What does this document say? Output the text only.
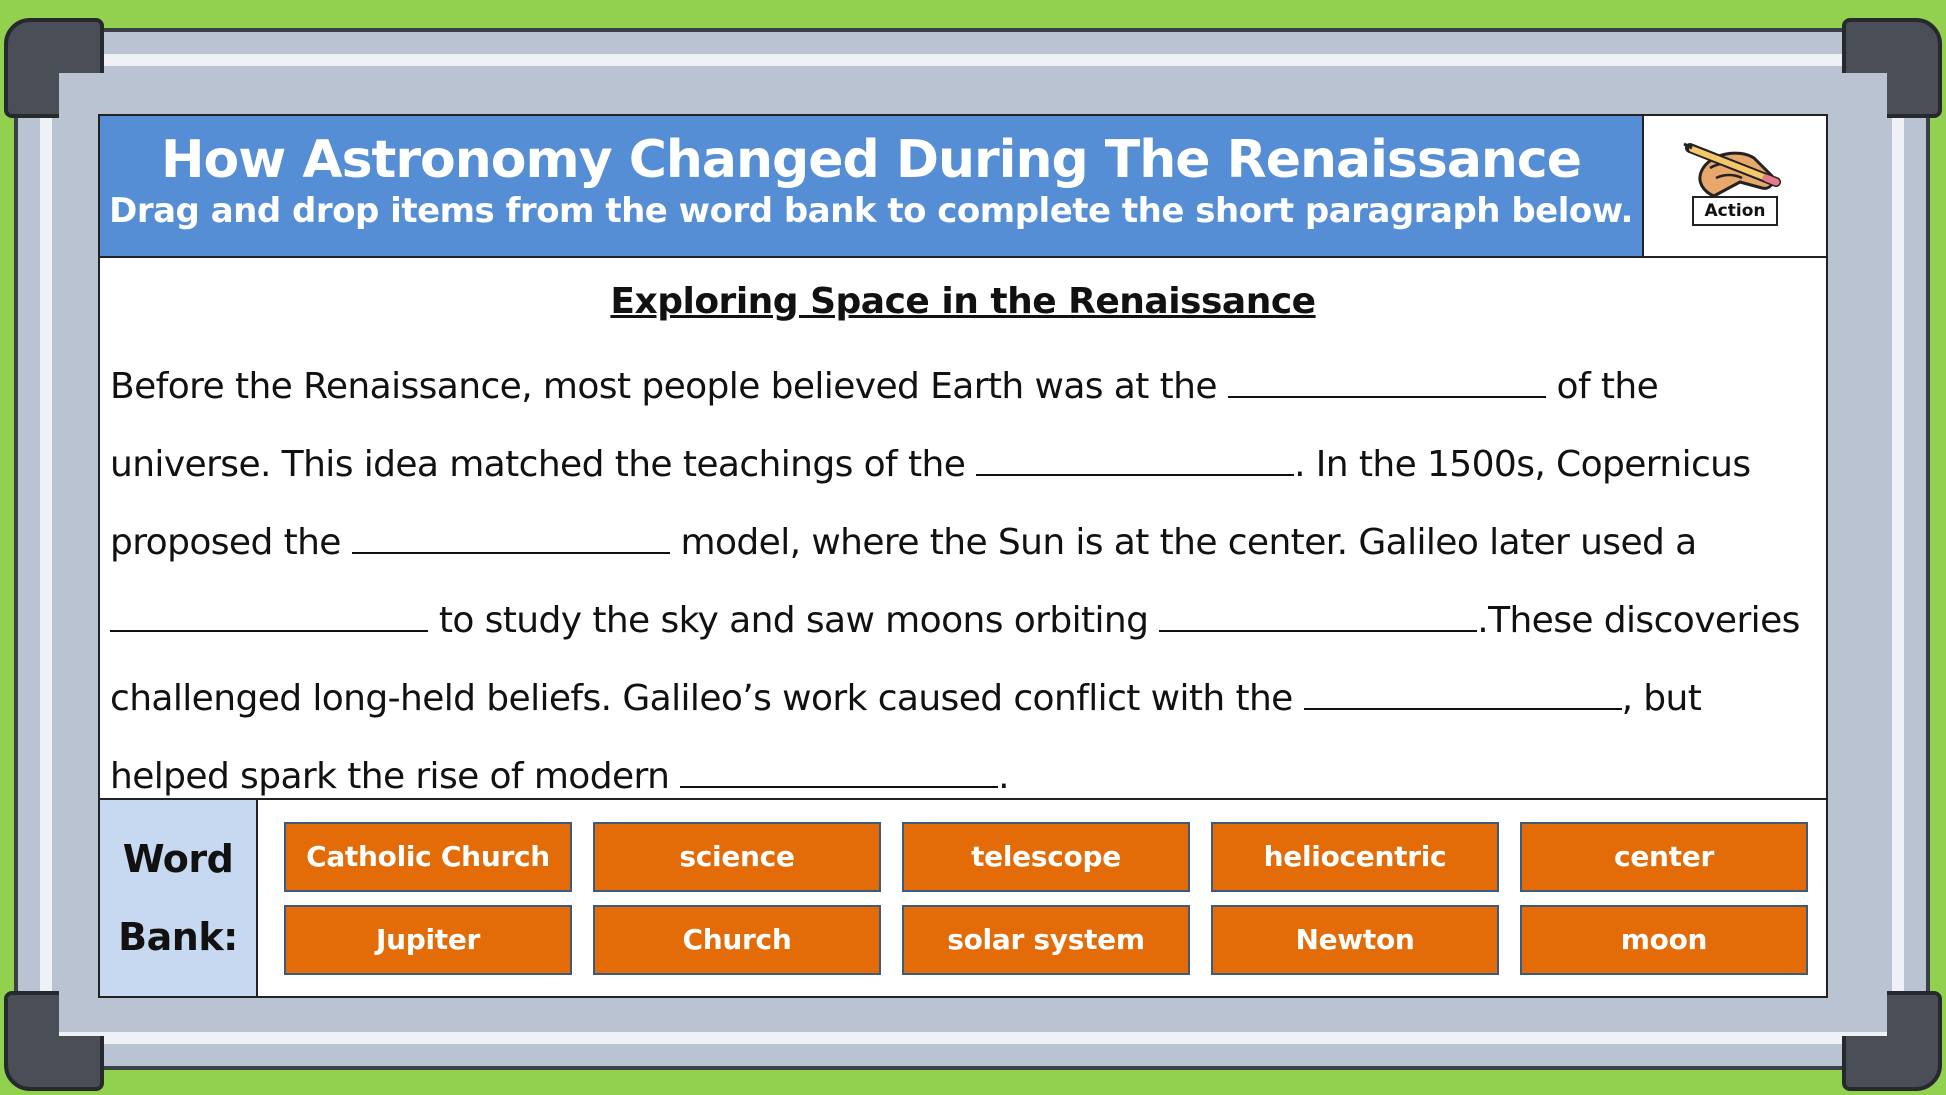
How Astronomy Changed During The Renaissance
Drag and drop items from the word bank to complete the short paragraph below.	Action
Exploring Space in the Renaissance
Before the Renaissance, most people believed Earth was at the	of the universe. This idea matched the teachings of the	. In the 1500s, Copernicus proposed the	model, where the Sun is at the center. Galileo later used a  to study the sky and saw moons orbiting	.These discoveries challenged long-held beliefs. Galileo’s work caused conflict with the	, but helped spark the rise of modern	.
Word
Bank:
Catholic Church	science	telescope	heliocentric	center
Jupiter	Church	solar system	Newton	moon
